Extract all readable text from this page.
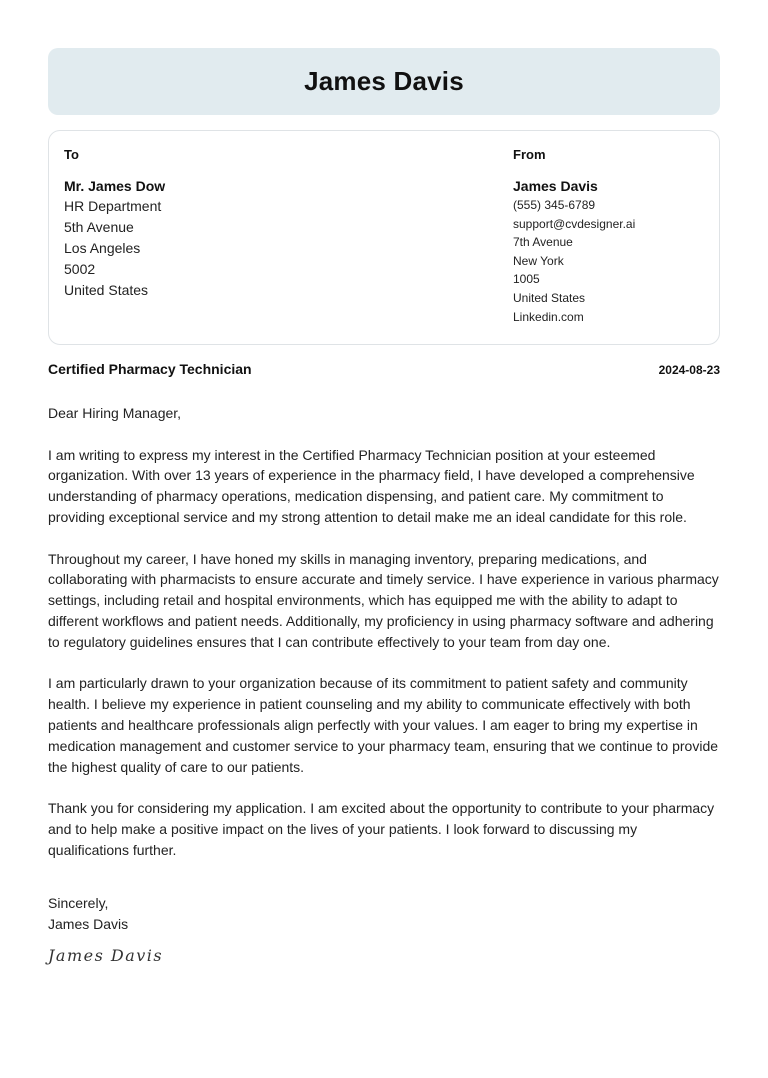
James Davis
To
Mr. James Dow
HR Department
5th Avenue
Los Angeles
5002
United States
From
James Davis
(555) 345-6789
support@cvdesigner.ai
7th Avenue
New York
1005
United States
Linkedin.com
Certified Pharmacy Technician	2024-08-23

Dear Hiring Manager,

I am writing to express my interest in the Certified Pharmacy Technician position at your esteemed organization. With over 13 years of experience in the pharmacy field, I have developed a comprehensive understanding of pharmacy operations, medication dispensing, and patient care. My commitment to providing exceptional service and my strong attention to detail make me an ideal candidate for this role.

Throughout my career, I have honed my skills in managing inventory, preparing medications, and collaborating with pharmacists to ensure accurate and timely service. I have experience in various pharmacy settings, including retail and hospital environments, which has equipped me with the ability to adapt to different workflows and patient needs. Additionally, my proficiency in using pharmacy software and adhering to regulatory guidelines ensures that I can contribute effectively to your team from day one.

I am particularly drawn to your organization because of its commitment to patient safety and community health. I believe my experience in patient counseling and my ability to communicate effectively with both patients and healthcare professionals align perfectly with your values. I am eager to bring my expertise in medication management and customer service to your pharmacy team, ensuring that we continue to provide the highest quality of care to our patients.

Thank you for considering my application. I am excited about the opportunity to contribute to your pharmacy and to help make a positive impact on the lives of your patients. I look forward to discussing my qualifications further.

Sincerely,
James Davis
James Davis
